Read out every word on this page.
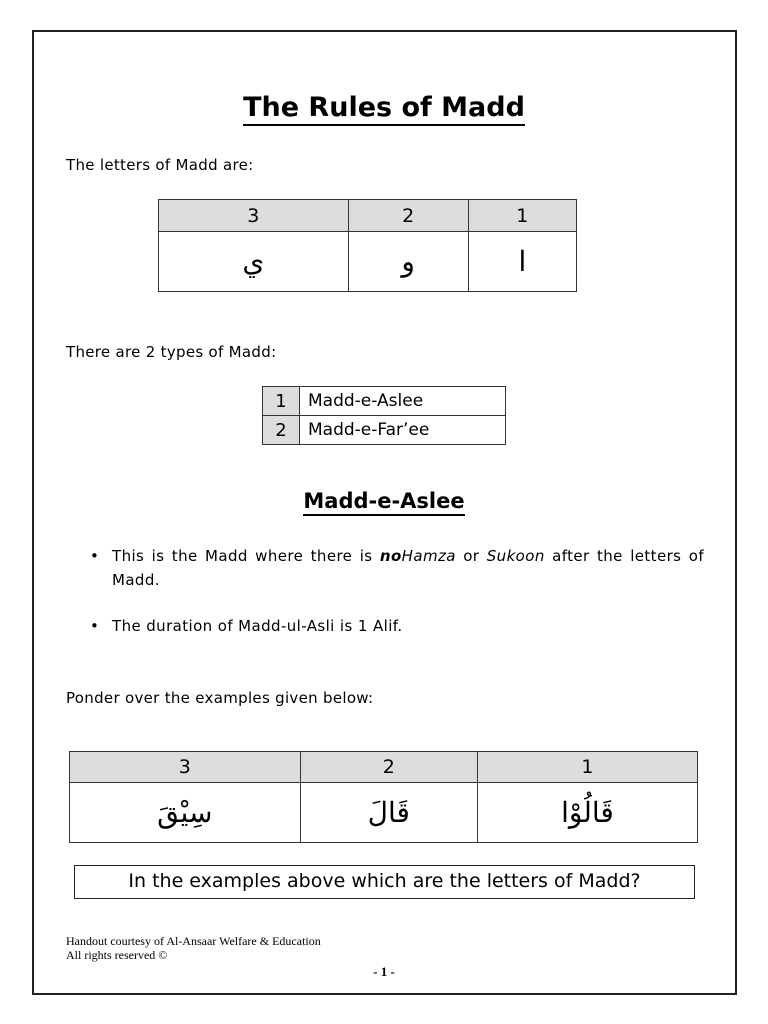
The Rules of Madd

The letters of Madd are:

3	2	1
ي	و	ا

There are 2 types of Madd:

1	Madd-e-Aslee
2	Madd-e-Far’ee
Madd-e-Aslee
• This is the Madd where there is noHamza or Sukoon after the letters of Madd.
• The duration of Madd-ul-Asli is 1 Alif.

Ponder over the examples given below:

3	2	1
سِيْقَ	قَالَ	قَالُوْا
In the examples above which are the letters of Madd?
Handout courtesy of Al-Ansaar Welfare & Education
All rights reserved ©
- 1 -
